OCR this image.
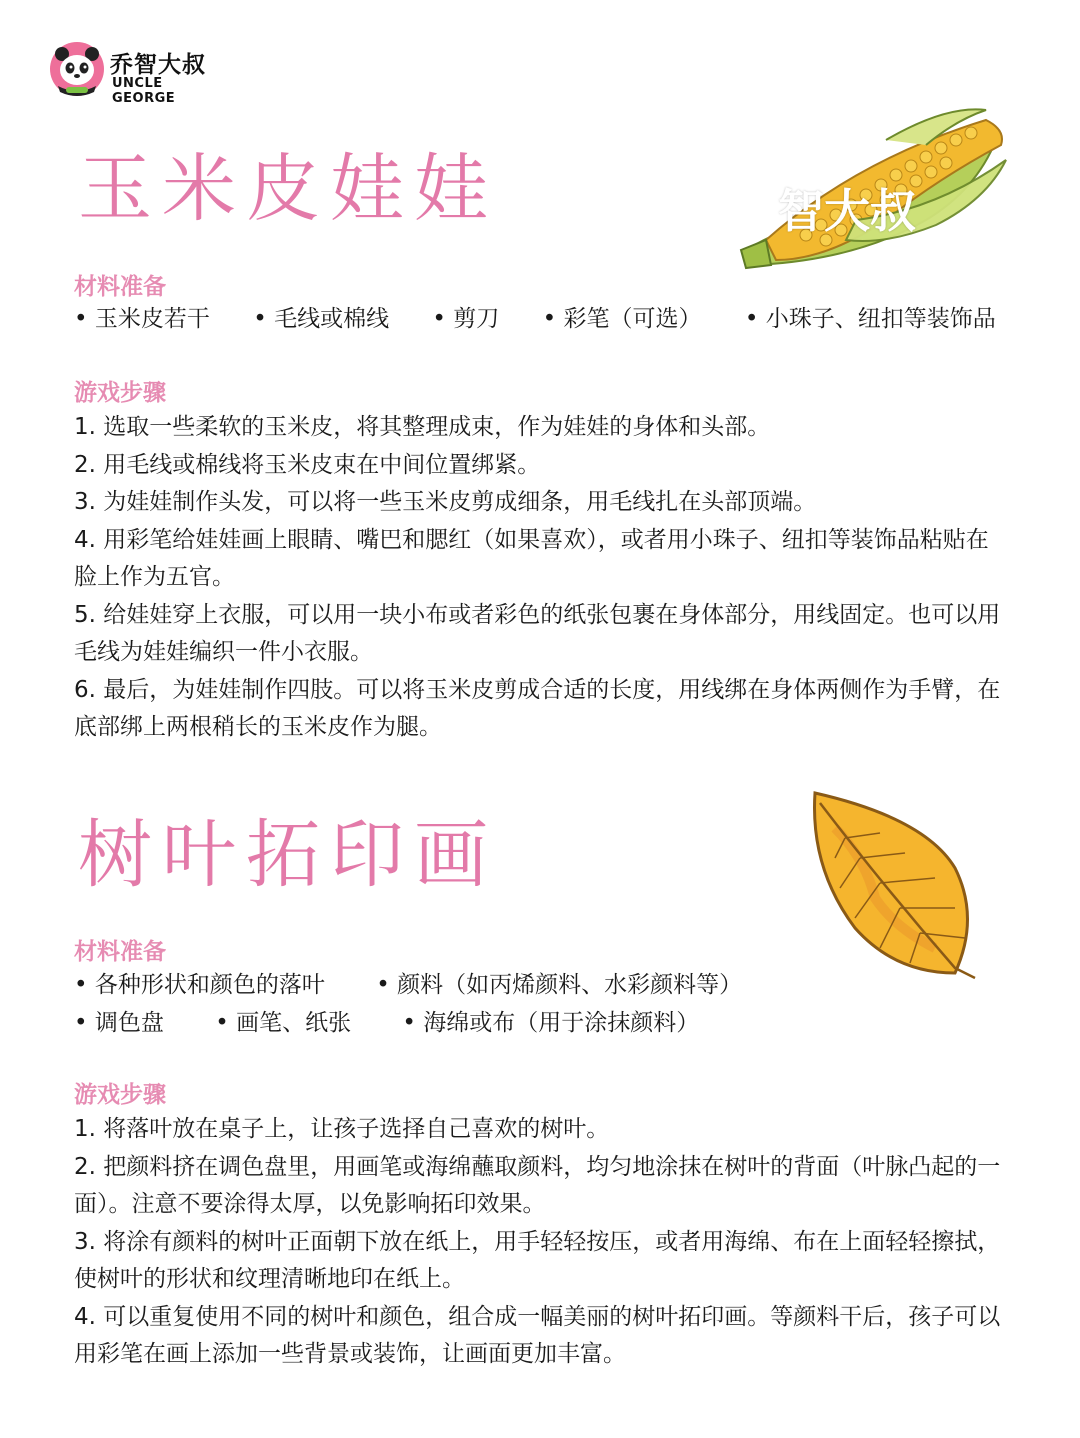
乔智大叔
UNCLE GEORGE
智大叔
玉米皮娃娃
材料准备
• 玉米皮若干 • 毛线或棉线 • 剪刀 • 彩笔（可选） • 小珠子、纽扣等装饰品
游戏步骤

1. 选取一些柔软的玉米皮，将其整理成束，作为娃娃的身体和头部。

2. 用毛线或棉线将玉米皮束在中间位置绑紧。

3. 为娃娃制作头发，可以将一些玉米皮剪成细条，用毛线扎在头部顶端。

4. 用彩笔给娃娃画上眼睛、嘴巴和腮红（如果喜欢），或者用小珠子、纽扣等装饰品粘贴在脸上作为五官。

5. 给娃娃穿上衣服，可以用一块小布或者彩色的纸张包裹在身体部分，用线固定。也可以用毛线为娃娃编织一件小衣服。

6. 最后，为娃娃制作四肢。可以将玉米皮剪成合适的长度，用线绑在身体两侧作为手臂，在底部绑上两根稍长的玉米皮作为腿。

树叶拓印画
材料准备
• 各种形状和颜色的落叶 • 颜料（如丙烯颜料、水彩颜料等）
• 调色盘 • 画笔、纸张 • 海绵或布（用于涂抹颜料）
游戏步骤

1. 将落叶放在桌子上，让孩子选择自己喜欢的树叶。

2. 把颜料挤在调色盘里，用画笔或海绵蘸取颜料，均匀地涂抹在树叶的背面（叶脉凸起的一面）。注意不要涂得太厚，以免影响拓印效果。

3. 将涂有颜料的树叶正面朝下放在纸上，用手轻轻按压，或者用海绵、布在上面轻轻擦拭，使树叶的形状和纹理清晰地印在纸上。

4. 可以重复使用不同的树叶和颜色，组合成一幅美丽的树叶拓印画。等颜料干后，孩子可以用彩笔在画上添加一些背景或装饰，让画面更加丰富。
